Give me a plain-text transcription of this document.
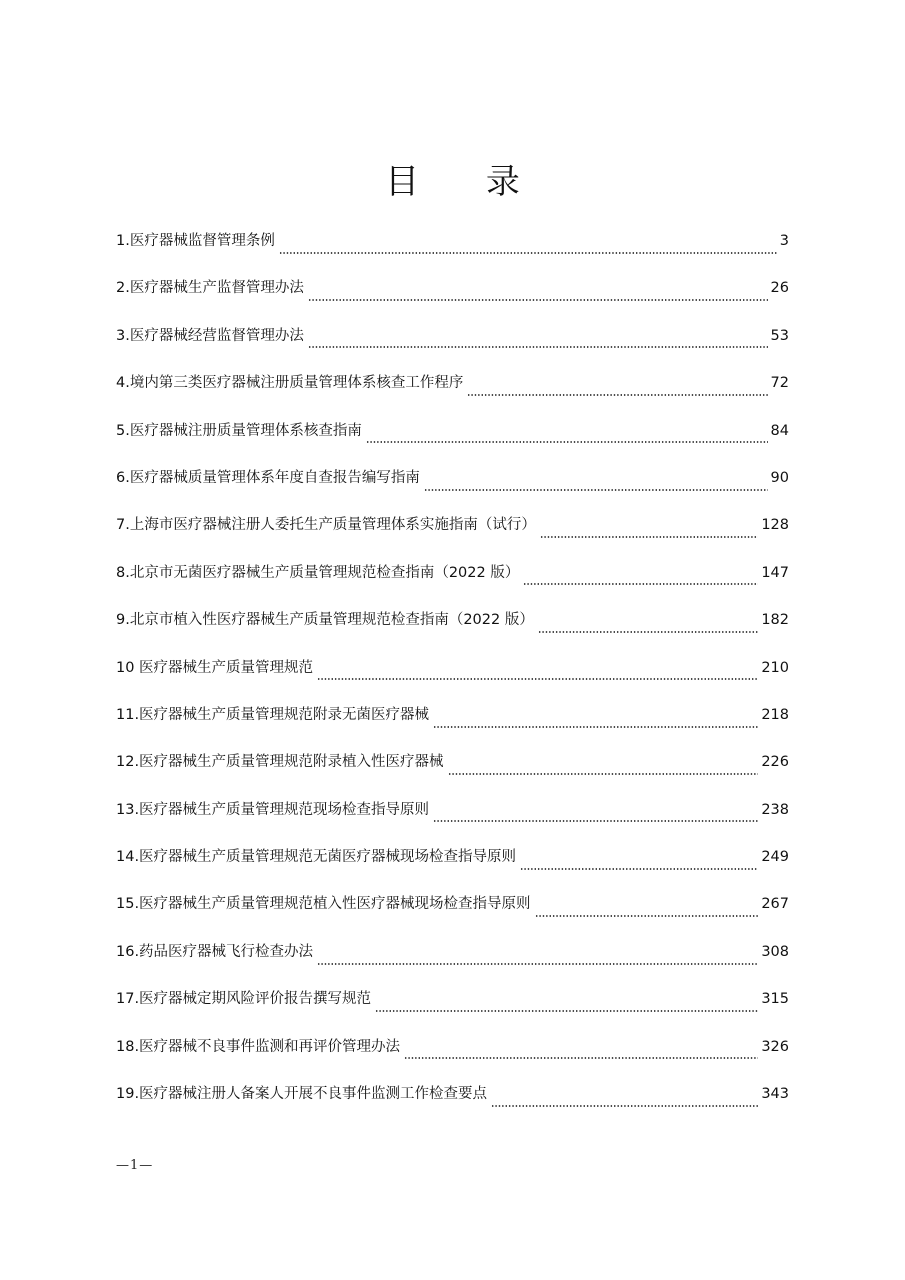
目 录
1.医疗器械监督管理条例	3
2.医疗器械生产监督管理办法	26
3.医疗器械经营监督管理办法	53
4.境内第三类医疗器械注册质量管理体系核查工作程序	72
5.医疗器械注册质量管理体系核查指南	84
6.医疗器械质量管理体系年度自查报告编写指南	90
7.上海市医疗器械注册人委托生产质量管理体系实施指南（试行）	128
8.北京市无菌医疗器械生产质量管理规范检查指南（2022 版）	147
9.北京市植入性医疗器械生产质量管理规范检查指南（2022 版）	182
10 医疗器械生产质量管理规范	210
11.医疗器械生产质量管理规范附录无菌医疗器械	218
12.医疗器械生产质量管理规范附录植入性医疗器械	226
13.医疗器械生产质量管理规范现场检查指导原则	238
14.医疗器械生产质量管理规范无菌医疗器械现场检查指导原则	249
15.医疗器械生产质量管理规范植入性医疗器械现场检查指导原则	267
16.药品医疗器械飞行检查办法	308
17.医疗器械定期风险评价报告撰写规范	315
18.医疗器械不良事件监测和再评价管理办法	326
19.医疗器械注册人备案人开展不良事件监测工作检查要点	343
—1—
